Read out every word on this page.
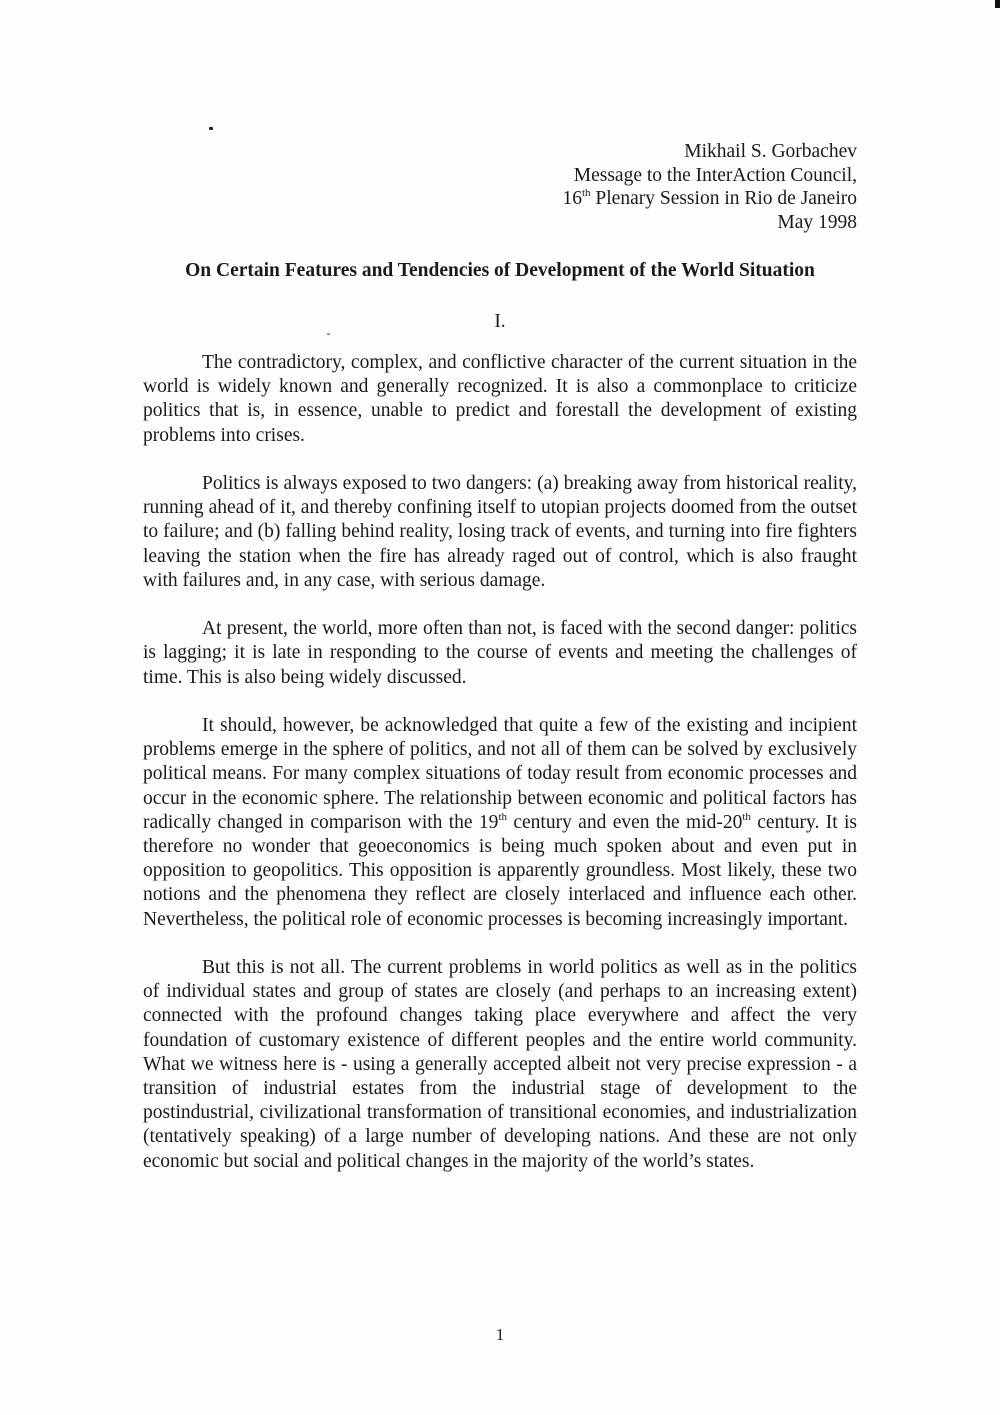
Mikhail S. Gorbachev
Message to the InterAction Council,
16th Plenary Session in Rio de Janeiro
May 1998
On Certain Features and Tendencies of Development of the World Situation
I.

The contradictory, complex, and conflictive character of the current situation in the world is widely known and generally recognized. It is also a commonplace to criticize politics that is, in essence, unable to predict and forestall the development of existing problems into crises.

Politics is always exposed to two dangers: (a) breaking away from historical reality, running ahead of it, and thereby confining itself to utopian projects doomed from the outset to failure; and (b) falling behind reality, losing track of events, and turning into fire fighters leaving the station when the fire has already raged out of control, which is also fraught with failures and, in any case, with serious damage.

At present, the world, more often than not, is faced with the second danger: politics is lagging; it is late in responding to the course of events and meeting the challenges of time. This is also being widely discussed.

It should, however, be acknowledged that quite a few of the existing and incipient problems emerge in the sphere of politics, and not all of them can be solved by exclusively political means. For many complex situations of today result from economic processes and occur in the economic sphere. The relationship between economic and political factors has radically changed in comparison with the 19th century and even the mid-20th century. It is therefore no wonder that geoeconomics is being much spoken about and even put in opposition to geopolitics. This opposition is apparently groundless. Most likely, these two notions and the phenomena they reflect are closely interlaced and influence each other. Nevertheless, the political role of economic processes is becoming increasingly important.

But this is not all. The current problems in world politics as well as in the politics of individual states and group of states are closely (and perhaps to an increasing extent) connected with the profound changes taking place everywhere and affect the very foundation of customary existence of different peoples and the entire world community. What we witness here is - using a generally accepted albeit not very precise expression - a transition of industrial estates from the industrial stage of development to the postindustrial, civilizational transformation of transitional economies, and industrialization (tentatively speaking) of a large number of developing nations. And these are not only economic but social and political changes in the majority of the world’s states.

1
